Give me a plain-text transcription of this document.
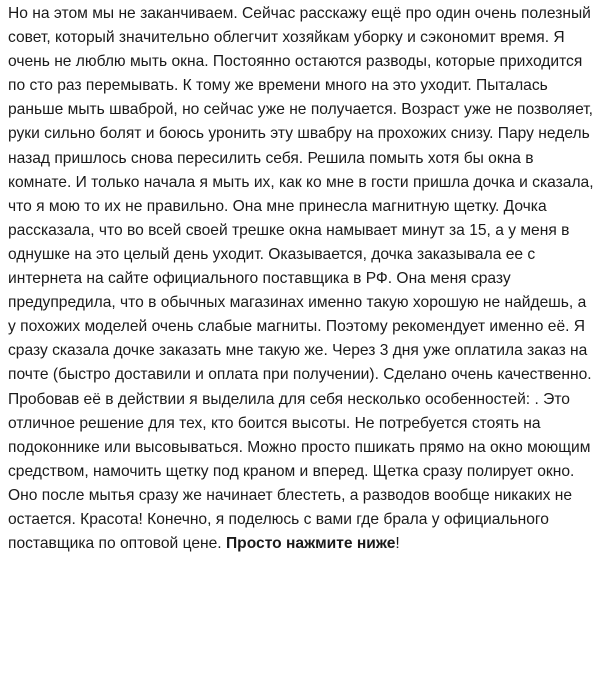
Но на этом мы не заканчиваем. Сейчас расскажу ещё про один очень полезный совет, который значительно облегчит хозяйкам уборку и сэкономит время. Я очень не люблю мыть окна. Постоянно остаются разводы, которые приходится по сто раз перемывать. К тому же времени много на это уходит. Пыталась раньше мыть шваброй, но сейчас уже не получается. Возраст уже не позволяет, руки сильно болят и боюсь уронить эту швабру на прохожих снизу. Пару недель назад пришлось снова пересилить себя. Решила помыть хотя бы окна в комнате. И только начала я мыть их, как ко мне в гости пришла дочка и сказала, что я мою то их не правильно. Она мне принесла магнитную щетку. Дочка рассказала, что во всей своей трешке окна намывает минут за 15, а у меня в однушке на это целый день уходит. Оказывается, дочка заказывала ее с интернета на сайте официального поставщика в РФ. Она меня сразу предупредила, что в обычных магазинах именно такую хорошую не найдешь, а у похожих моделей очень слабые магниты. Поэтому рекомендует именно её. Я сразу сказала дочке заказать мне такую же. Через 3 дня уже оплатила заказ на почте (быстро доставили и оплата при получении). Сделано очень качественно. Пробовав её в действии я выделила для себя несколько особенностей: . Это отличное решение для тех, кто боится высоты. Не потребуется стоять на подоконнике или высовываться. Можно просто пшикать прямо на окно моющим средством, намочить щетку под краном и вперед. Щетка сразу полирует окно. Оно после мытья сразу же начинает блестеть, а разводов вообще никаких не остается. Красота! Конечно, я поделюсь с вами где брала у официального поставщика по оптовой цене. Просто нажмите ниже!
